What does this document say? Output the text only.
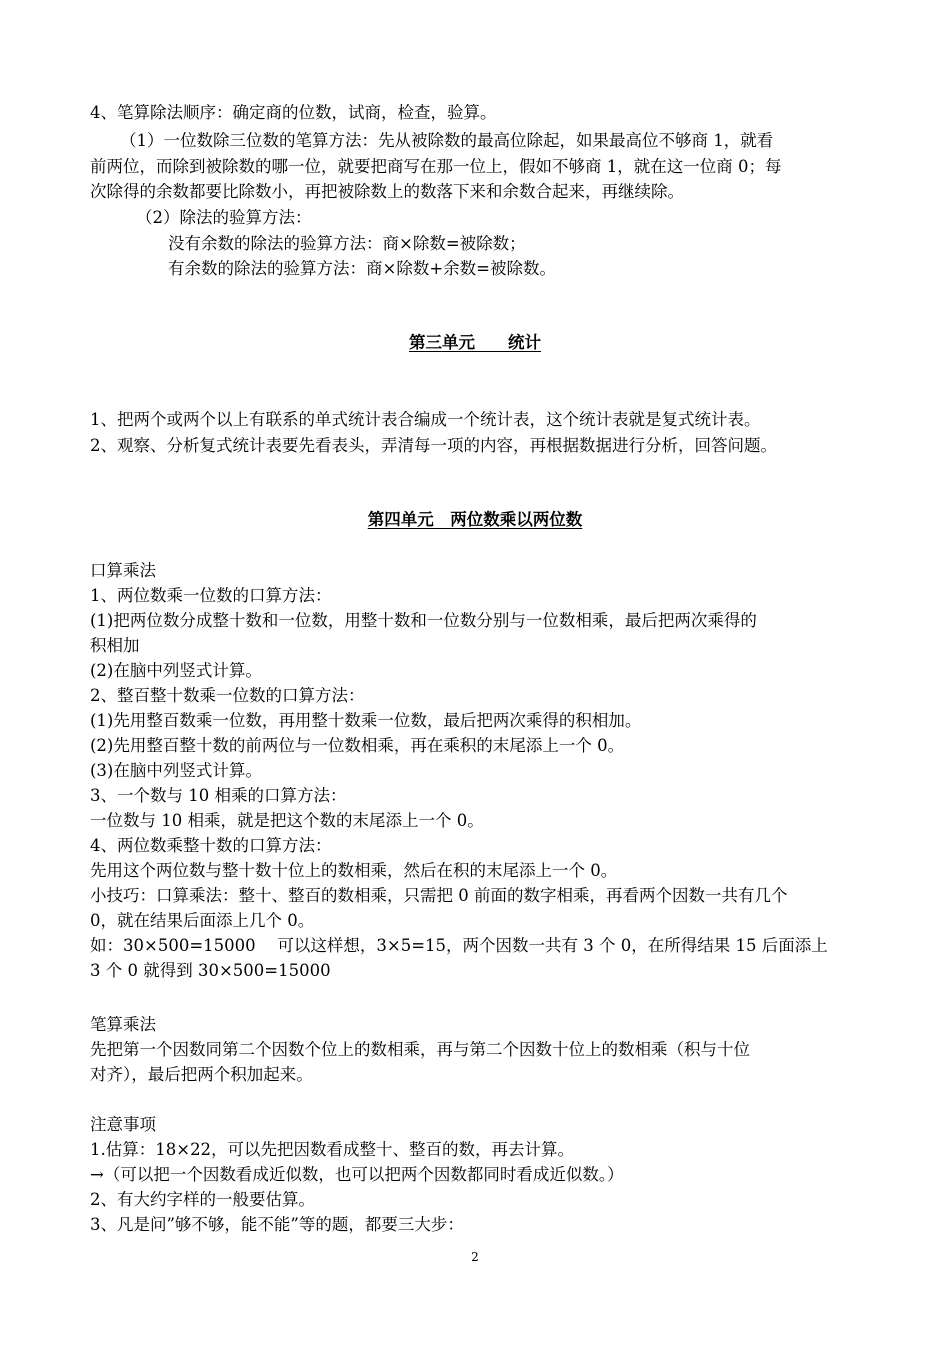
4、笔算除法顺序：确定商的位数，试商，检查，验算。
（1）一位数除三位数的笔算方法：先从被除数的最高位除起，如果最高位不够商 1，就看
前两位，而除到被除数的哪一位，就要把商写在那一位上，假如不够商 1，就在这一位商 0；每
次除得的余数都要比除数小，再把被除数上的数落下来和余数合起来，再继续除。
（2）除法的验算方法：
没有余数的除法的验算方法：商×除数=被除数；
有余数的除法的验算方法：商×除数+余数=被除数。
第三单元　　统计
1、把两个或两个以上有联系的单式统计表合编成一个统计表，这个统计表就是复式统计表。
2、观察、分析复式统计表要先看表头，弄清每一项的内容，再根据数据进行分析，回答问题。
第四单元　两位数乘以两位数
口算乘法
1、两位数乘一位数的口算方法：
(1)把两位数分成整十数和一位数，用整十数和一位数分别与一位数相乘，最后把两次乘得的
积相加
(2)在脑中列竖式计算。
2、整百整十数乘一位数的口算方法：
(1)先用整百数乘一位数，再用整十数乘一位数，最后把两次乘得的积相加。
(2)先用整百整十数的前两位与一位数相乘，再在乘积的末尾添上一个 0。
(3)在脑中列竖式计算。
3、一个数与 10 相乘的口算方法：
一位数与 10 相乘，就是把这个数的末尾添上一个 0。
4、两位数乘整十数的口算方法：
先用这个两位数与整十数十位上的数相乘，然后在积的末尾添上一个 0。
小技巧：口算乘法：整十、整百的数相乘，只需把 0 前面的数字相乘，再看两个因数一共有几个
0，就在结果后面添上几个 0。
如：30×500=15000　 可以这样想，3×5=15，两个因数一共有 3 个 0，在所得结果 15 后面添上
3 个 0 就得到 30×500=15000
笔算乘法
先把第一个因数同第二个因数个位上的数相乘，再与第二个因数十位上的数相乘（积与十位
对齐），最后把两个积加起来。
注意事项
1.估算：18×22，可以先把因数看成整十、整百的数，再去计算。
→（可以把一个因数看成近似数，也可以把两个因数都同时看成近似数。）
2、有大约字样的一般要估算。
3、凡是问”够不够，能不能”等的题，都要三大步：
2
